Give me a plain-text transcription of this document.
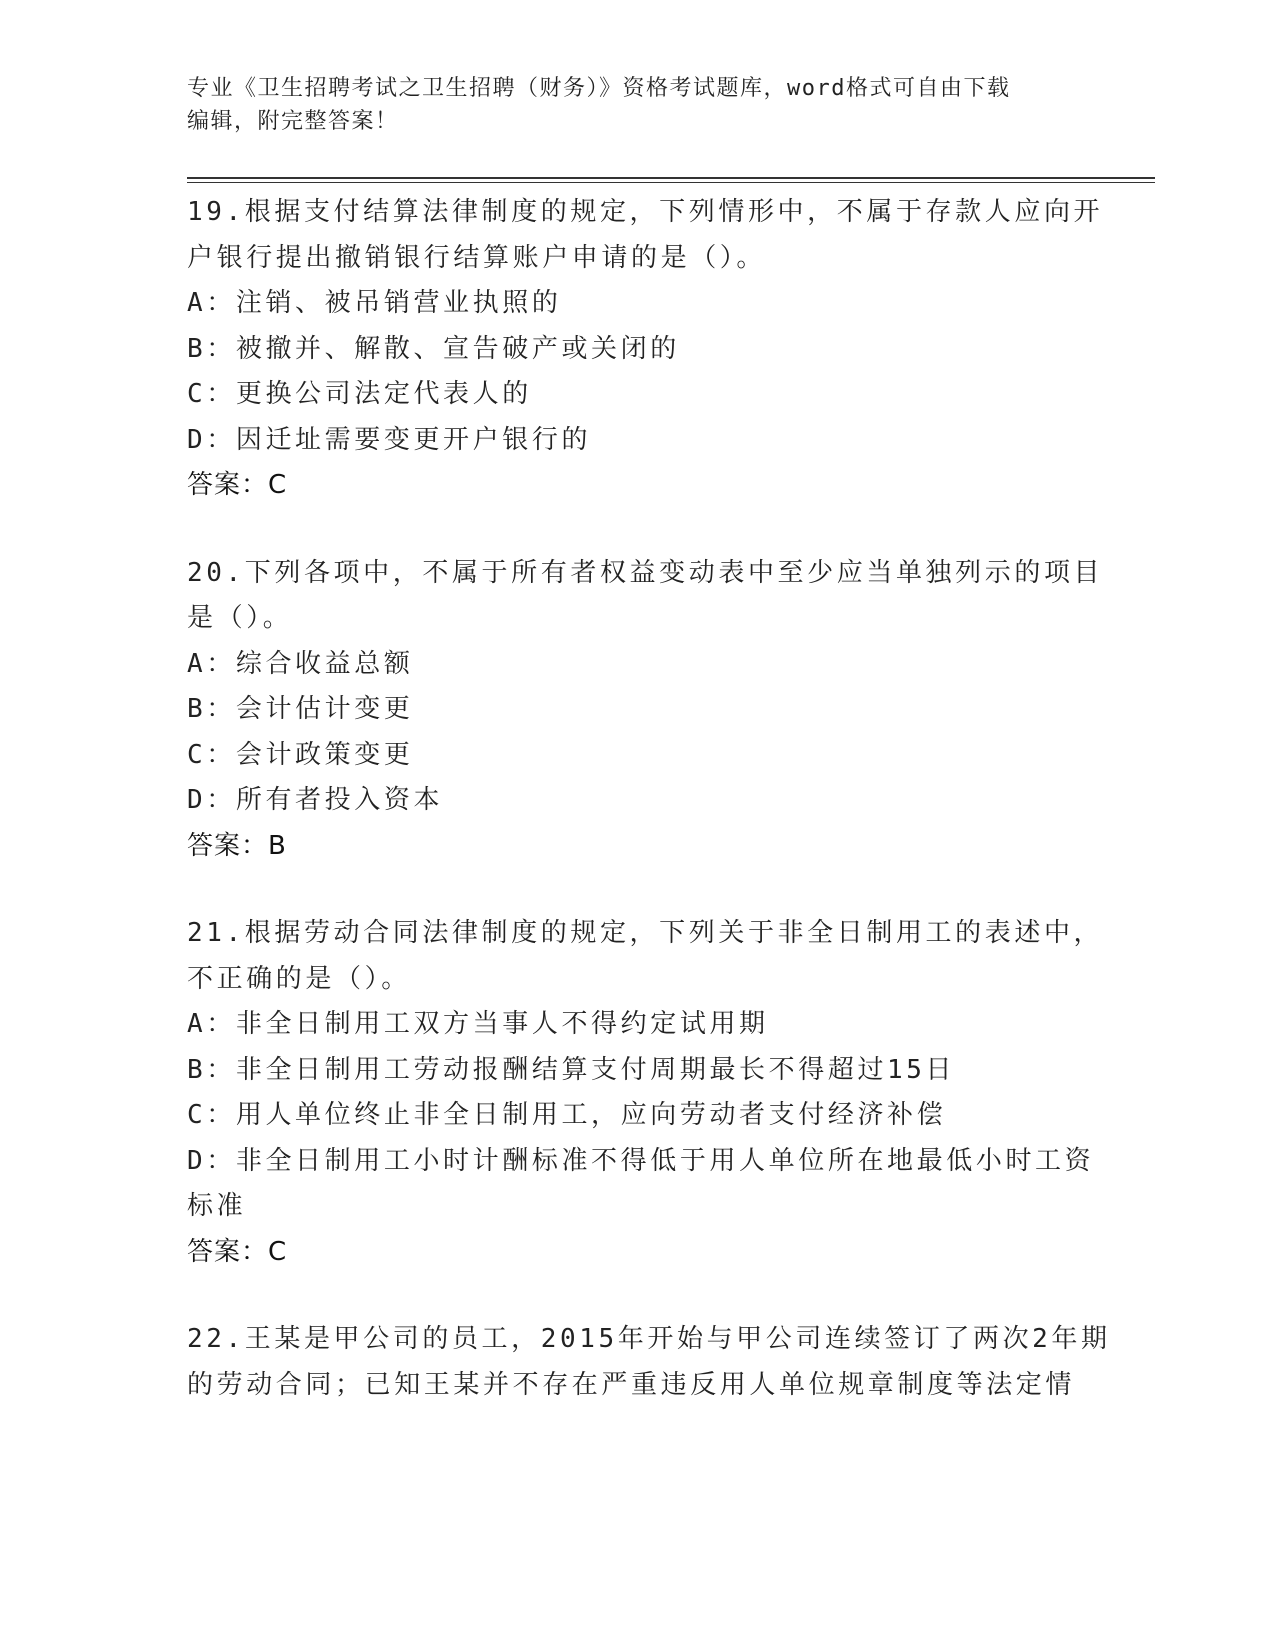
专业《卫生招聘考试之卫生招聘（财务）》资格考试题库，word格式可自由下载
编辑，附完整答案！
19.根据支付结算法律制度的规定，下列情形中，不属于存款人应向开
户银行提出撤销银行结算账户申请的是（）。
A：注销、被吊销营业执照的
B：被撤并、解散、宣告破产或关闭的
C：更换公司法定代表人的
D：因迁址需要变更开户银行的
答案：C
20.下列各项中，不属于所有者权益变动表中至少应当单独列示的项目
是（）。
A：综合收益总额
B：会计估计变更
C：会计政策变更
D：所有者投入资本
答案：B
21.根据劳动合同法律制度的规定，下列关于非全日制用工的表述中，
不正确的是（）。
A：非全日制用工双方当事人不得约定试用期
B：非全日制用工劳动报酬结算支付周期最长不得超过15日
C：用人单位终止非全日制用工，应向劳动者支付经济补偿
D：非全日制用工小时计酬标准不得低于用人单位所在地最低小时工资
标准
答案：C
22.王某是甲公司的员工，2015年开始与甲公司连续签订了两次2年期
的劳动合同；已知王某并不存在严重违反用人单位规章制度等法定情
